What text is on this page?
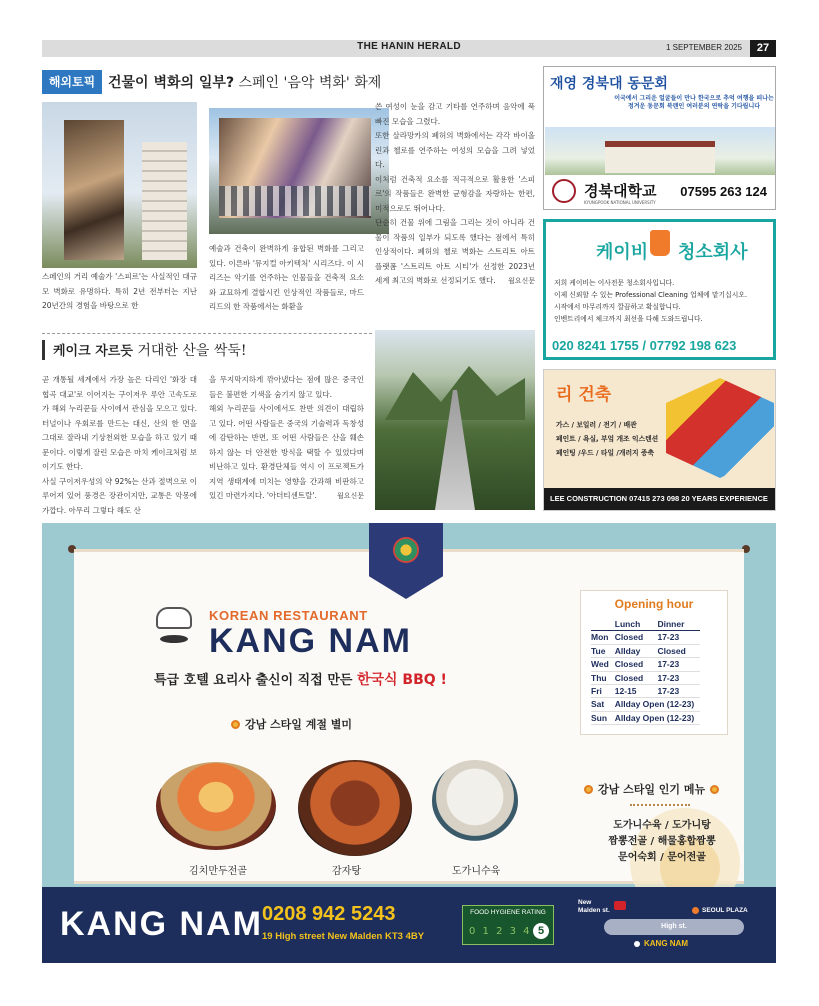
THE HANIN HERALD	1 SEPTEMBER 2025	27
해외토픽 건물이 벽화의 일부? 스페인 '음악 벽화' 화제
스페인의 거리 예술가 '스피르'는 사실적인 대규모 벽화로 유명하다. 특히 2년 전부터는 지난 20년간의 경험을 바탕으로 한
예술과 건축이 완벽하게 융합된 벽화를 그리고 있다. 이른바 '뮤지컬 아키텍처' 시리즈다. 이 시리즈는 악기를 연주하는 인물들을 건축적 요소와 교묘하게 결합시킨 인상적인 작품들로, 마드리드의 한 작품에서는 화환을
쓴 여성이 눈을 감고 기타를 연주하며 음악에 푹 빠진 모습을 그렸다.
또한 살라망카의 폐허의 벽화에서는 각각 바이올린과 첼로를 연주하는 여성의 모습을 그려 넣었다.
이처럼 건축적 요소를 적극적으로 활용한 '스피르'의 작품들은 완벽한 균형감을 자랑하는 한편, 미적으로도 뛰어나다.
단순히 건물 위에 그림을 그리는 것이 아니라 건물이 작품의 일부가 되도록 했다는 점에서 특히 인상적이다. 폐허의 첼로 벽화는 스트리트 아트 플랫폼 '스트리트 아트 시티'가 선정한 2023년 세계 최고의 벽화로 선정되기도 했다. 월요신문
케이크 자르듯 거대한 산을 싹둑!
곧 개통될 세계에서 가장 높은 다리인 '화장 대협곡 대교'로 이어지는 구이저우 루안 고속도로가 해외 누리꾼들 사이에서 관심을 모으고 있다. 터널이나 우회로를 만드는 대신, 산의 한 면을 그대로 잘라내 기상천외한 모습을 하고 있기 때문이다. 이렇게 잘린 모습은 마치 케이크처럼 보이기도 한다.
사실 구이저우성의 약 92%는 산과 절벽으로 이루어져 있어 풍경은 장관이지만, 교통은 악몽에 가깝다. 아무리 그렇다 해도 산
을 무지막지하게 깎아냈다는 점에 많은 중국인들은 불편한 기색을 숨기지 않고 있다.
해외 누리꾼들 사이에서도 찬반 의견이 대립하고 있다. 어떤 사람들은 중국의 기술력과 독창성에 감탄하는 반면, 또 어떤 사람들은 산을 훼손하지 않는 더 안전한 방식을 택할 수 있었다며 비난하고 있다. 환경단체들 역시 이 프로젝트가 지역 생태계에 미치는 영향을 간과해 비판하고 있긴 마련가지다. '아더티센트랄'.	월요신문
재영 경북대 동문회
이국에서 그리운 얼굴들이 만나 한국으로 추억 여행을 떠나는 정겨운 동문회 북랜인 여러분의 연락을 기다립니다
경북대학교
KYUNGPOOK NATIONAL UNIVERSITY
07595 263 124
케이비 청소회사
저희 케이비는 이사전문 청소회사입니다.
이제 신뢰할 수 있는 Professional Cleaning 업체에 맡기십시오.
시작에서 마무리까지 깔끔하고 확실합니다.
인벤트리에서 체크까지 최선을 다해 도와드립니다.
020 8241 1755 / 07792 198 623
리 건축
가스 / 보일러 / 전기 / 배관
페인트 / 욕실, 부엌 개조 익스텐션
페인팅 /우드 / 타일 /개러지 증축
LEE CONSTRUCTION 07415 273 098 20 YEARS EXPERIENCE
KOREAN RESTAURANT
KANG NAM
특급 호텔 요리사 출신이 직접 만든 한국식 BBQ !
강남 스타일 계절 별미
김치만두전골	감자탕	도가니수육
Opening hour
	Lunch	Dinner
Mon	Closed	17-23
Tue	Allday	Closed
Wed	Closed	17-23
Thu	Closed	17-23
Fri	12-15	17-23
Sat	Allday Open (12-23)	
Sun	Allday Open (12-23)	
강남 스타일 인기 메뉴
도가니수육 / 도가니탕
짬뽕전골 / 해물홍합짬뽕
문어숙회 / 문어전골
KANG NAM 0208 942 5243
19 High street New Malden KT3 4BY
FOOD HYGIENE RATING
0 1 2 3 4 5
New
Malden st.	SEOUL PLAZA
High st.
KANG NAM
